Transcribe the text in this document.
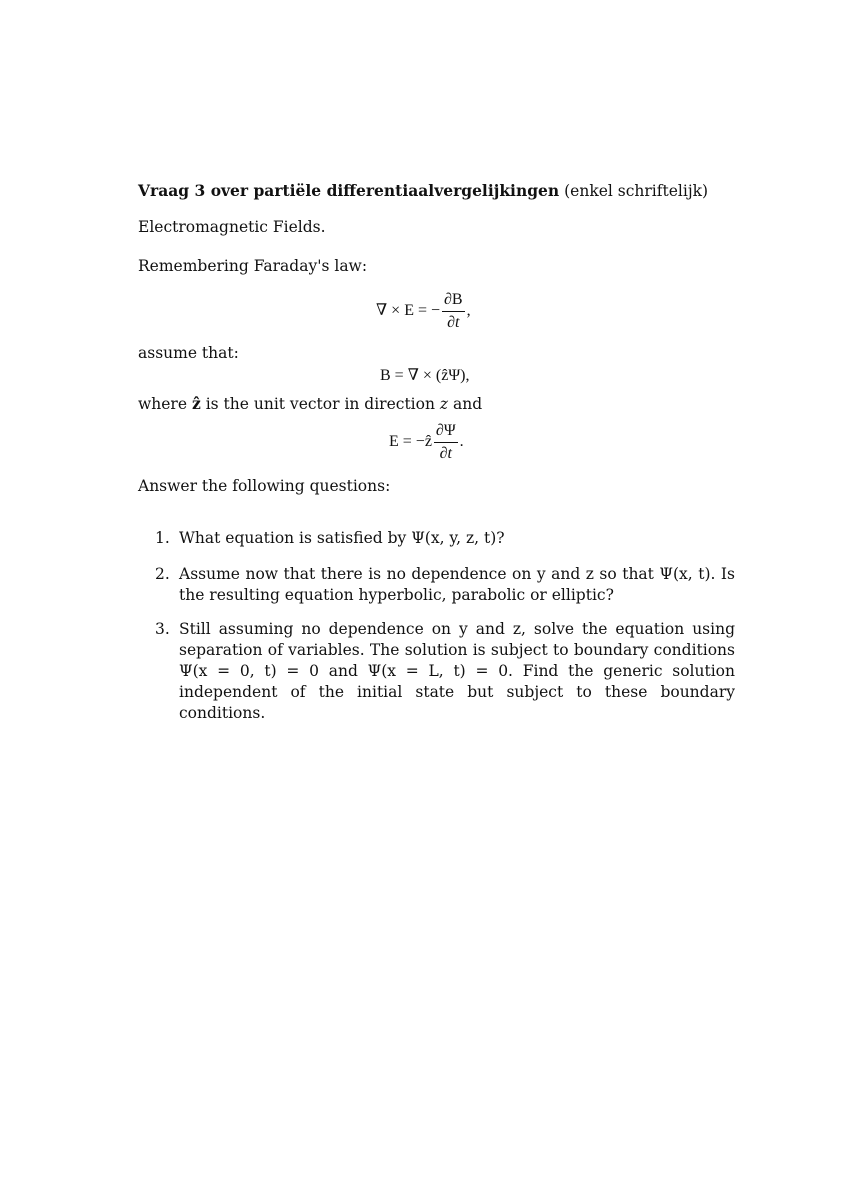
Vraag 3 over partiële differentiaalvergelijkingen (enkel schriftelijk)
Electromagnetic Fields.
Remembering Faraday's law:
∇ × E = − $\frac{\partial B}{\partial t}$ ,
assume that:
B = ∇ × (ẑΨ),
where ẑ is the unit vector in direction z and
E = −ẑ $\frac{\partial\Psi}{\partial t}$ .
Answer the following questions:
1. What equation is satisfied by Ψ(x, y, z, t)?
2. Assume now that there is no dependence on y and z so that Ψ(x, t). Is the resulting equation hyperbolic, parabolic or elliptic?
3. Still assuming no dependence on y and z, solve the equation using separation of variables. The solution is subject to boundary conditions Ψ(x = 0, t) = 0 and Ψ(x = L, t) = 0. Find the generic solution independent of the initial state but subject to these boundary conditions.
